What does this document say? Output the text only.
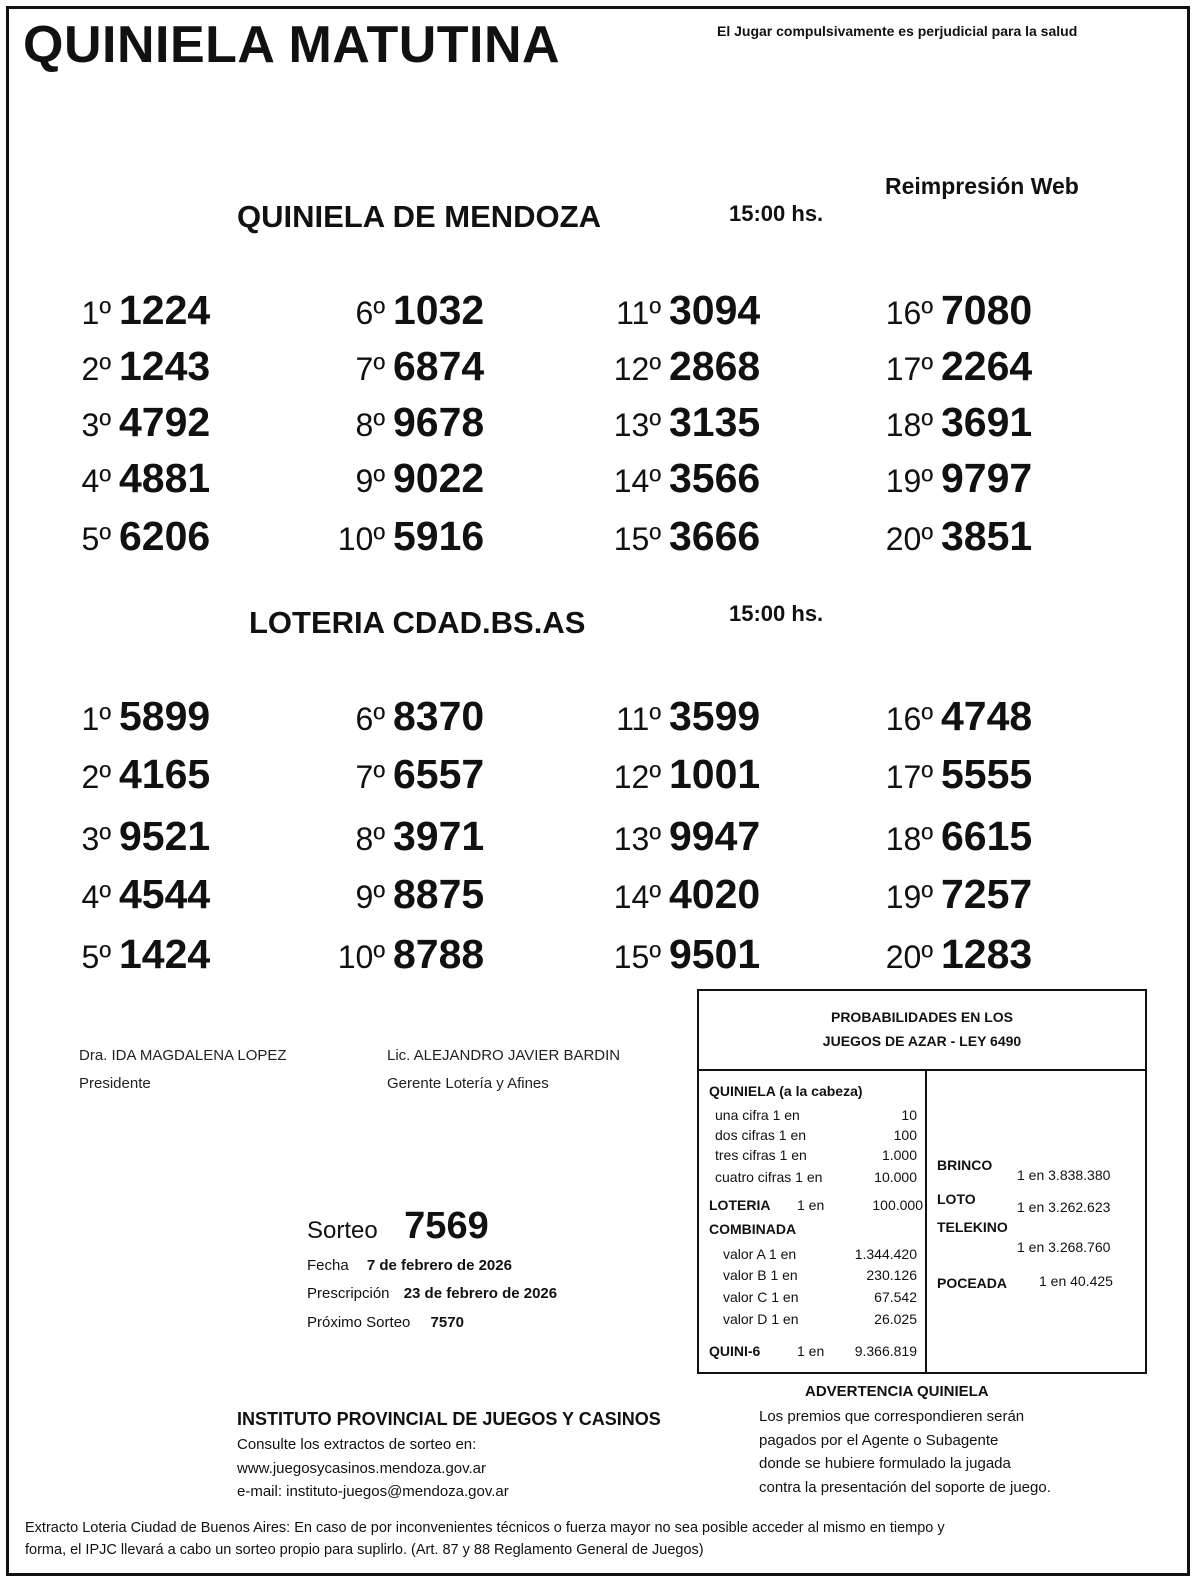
QUINIELA MATUTINA	El Jugar compulsivamente es perjudicial para la salud
Reimpresión Web
QUINIELA DE MENDOZA	15:00 hs.
1º 1224
2º 1243
3º 4792
4º 4881
5º 6206
6º 1032
7º 6874
8º 9678
9º 9022
10º 5916
11º 3094
12º 2868
13º 3135
14º 3566
15º 3666
16º 7080
17º 2264
18º 3691
19º 9797
20º 3851
LOTERIA CDAD.BS.AS	15:00 hs.
1º 5899
2º 4165
3º 9521
4º 4544
5º 1424
6º 8370
7º 6557
8º 3971
9º 8875
10º 8788
11º 3599
12º 1001
13º 9947
14º 4020
15º 9501
16º 4748
17º 5555
18º 6615
19º 7257
20º 1283
Dra. IDA MAGDALENA LOPEZ
Presidente
Lic. ALEJANDRO JAVIER BARDIN
Gerente Lotería y Afines
Sorteo 7569
Fecha 7 de febrero de 2026
Prescripción 23 de febrero de 2026
Próximo Sorteo 7570
PROBABILIDADES EN LOS
JUEGOS DE AZAR - LEY 6490
QUINIELA (a la cabeza)
una cifra 1 en	10
dos cifras 1 en	100
tres cifras 1 en	1.000
cuatro cifras 1 en	10.000
LOTERIA 1 en	100.000
COMBINADA
valor A 1 en	1.344.420
valor B 1 en	230.126
valor C 1 en	67.542
valor D 1 en	26.025
QUINI-6	1 en 9.366.819
BRINCO
1 en 3.838.380
LOTO	1 en 3.262.623
TELEKINO
1 en 3.268.760
POCEADA 1 en 40.425
ADVERTENCIA QUINIELA
Los premios que correspondieren serán
pagados por el Agente o Subagente
donde se hubiere formulado la jugada
contra la presentación del soporte de juego.
INSTITUTO PROVINCIAL DE JUEGOS Y CASINOS
Consulte los extractos de sorteo en:
www.juegosycasinos.mendoza.gov.ar
e-mail: instituto-juegos@mendoza.gov.ar
Extracto Loteria Ciudad de Buenos Aires: En caso de por inconvenientes técnicos o fuerza mayor no sea posible acceder al mismo en tiempo y
forma, el IPJC llevará a cabo un sorteo propio para suplirlo. (Art. 87 y 88 Reglamento General de Juegos)
